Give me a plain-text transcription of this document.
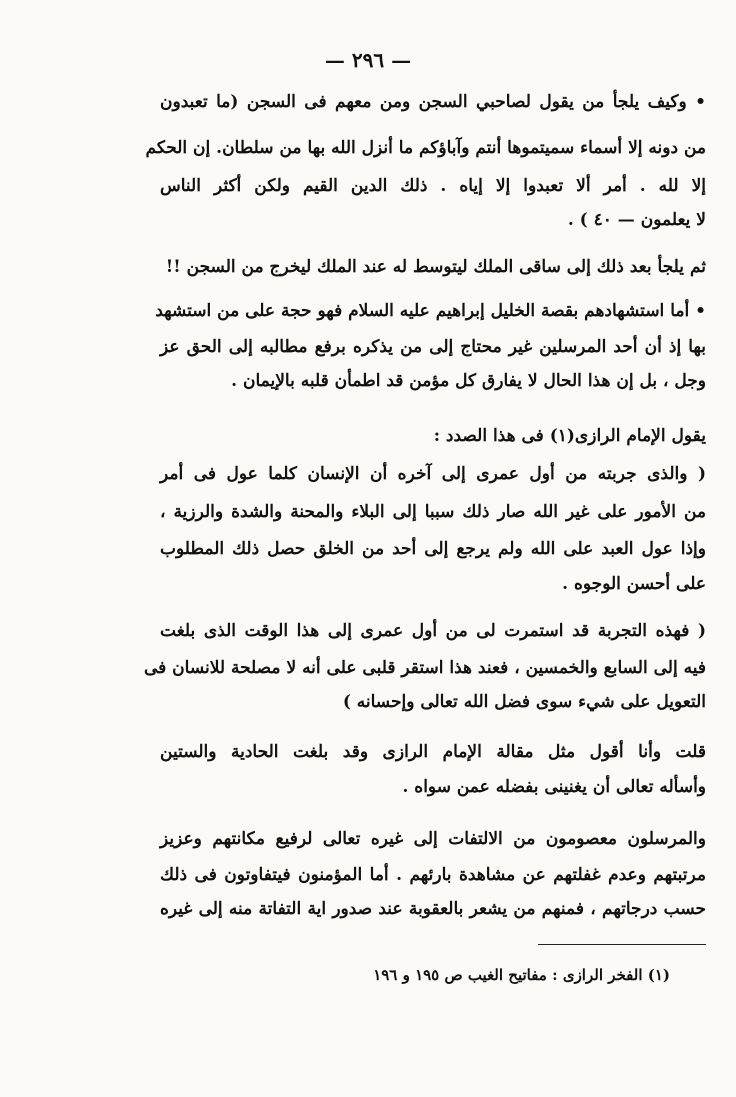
— ٢٩٦ —
• وكيف يلجأ من يقول لصاحبي السجن ومن معهم فى السجن (ما تعبدون
من دونه إلا أسماء سميتموها أنتم وآباؤكم ما أنزل الله بها من سلطان. إن الحكم
إلا لله . أمر ألا تعبدوا إلا إياه . ذلك الدين القيم ولكن أكثر الناس
لا يعلمون — ٤٠ ) .
ثم يلجأ بعد ذلك إلى ساقى الملك ليتوسط له عند الملك ليخرج من السجن !!
• أما استشهادهم بقصة الخليل إبراهيم عليه السلام فهو حجة على من استشهد
بها إذ أن أحد المرسلين غير محتاج إلى من يذكره برفع مطالبه إلى الحق عز
وجل ، بل إن هذا الحال لا يفارق كل مؤمن قد اطمأن قلبه بالإيمان .
يقول الإمام الرازى(١) فى هذا الصدد :
( والذى جربته من أول عمرى إلى آخره أن الإنسان كلما عول فى أمر
من الأمور على غير الله صار ذلك سببا إلى البلاء والمحنة والشدة والرزية ،
وإذا عول العبد على الله ولم يرجع إلى أحد من الخلق حصل ذلك المطلوب
على أحسن الوجوه .
( فهذه التجربة قد استمرت لى من أول عمرى إلى هذا الوقت الذى بلغت
فيه إلى السابع والخمسين ، فعند هذا استقر قلبى على أنه لا مصلحة للانسان فى
التعويل على شيء سوى فضل الله تعالى وإحسانه )
قلت وأنا أقول مثل مقالة الإمام الرازى وقد بلغت الحادية والستين
وأسأله تعالى أن يغنينى بفضله عمن سواه .
والمرسلون معصومون من الالتفات إلى غيره تعالى لرفيع مكانتهم وعزيز
مرتبتهم وعدم غفلتهم عن مشاهدة بارئهم . أما المؤمنون فيتفاوتون فى ذلك
حسب درجاتهم ، فمنهم من يشعر بالعقوبة عند صدور اية التفاتة منه إلى غيره
(١) الفخر الرازى : مفاتيح الغيب ص ١٩٥ و ١٩٦
